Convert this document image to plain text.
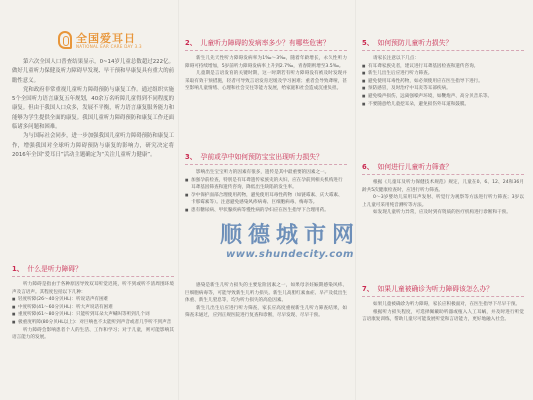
全国爱耳日
NATIONAL EAR CARE DAY 3.3

第六次全国人口普查结果显示，0~14岁儿童总数超过222亿。做好儿童听力保健及听力障碍早发现、早干预和早康复具有重大的前瞻性意义。

党和政府非常重视儿童听力障碍预防与康复工作。通过组织实施5个全国听力语言康复五年规划，40余万名听障儿童得到不同程度的康复。但由于我国人口众多，发展不平衡，听力语言康复服务能力和能够为学生提供全面的康复。我国儿童听力障碍预防和康复工作还面临诸多问题和困难。

为与国际社会同步，进一步加强我国儿童听力障碍预防和康复工作，增强我国对全球听力障碍预防与康复的影响力，研究决定将2016年全国“爱耳日”活动主题确定为“关注儿童听力健康”。

1、 什么是听力障碍？

听力障碍是指由于各种原因导致双耳听觉迟钝，听不到或听不清周围环境声及言语声。其程度包括以下几种：

■ 轻度听障(26～40分贝HL)：听说话声有困难
■ 中度听障(41～60分贝HL)：听大声说话有困难
■ 重度听障(61～80分贝HL)：只能听到耳朵大声喊叫等听到几个词
■ 极重度听障(80分贝HL以上)：对巨响也不太能听到声音或者几乎听不到声音

听力障碍会影响患者个人的生活、工作和学习；对于儿童，则可能影响其语言能力的发展。

2、 儿童听力障碍的发病率多少？有哪些危害？

新生儿先天性听力障碍发病率为1‰～3‰，随着年龄增长，永久性听力障碍可持续增加，5岁前听力障碍发病率上升到2.7‰，青春期则增至3.5‰。

儿童期是言语发育的关键时期，这一时期若有听力障碍没有被及时发现并采取有效干预措施，轻者可导致言语发育迟缓及学习困难；重者会导致聋哑，甚至影响儿童情绪、心理和社会交往等能力发展，给家庭和社会造成沉重负担。

3、 孕前或孕中如何预防宝宝出现听力损失？

影响出生宝宝听力的因素有很多，遗传是其中最重要的因素之一。

■ 加强孕前检查，特别是有耳聋遗传家族史的夫妇，应在孕前到相关机构进行耳聋基因筛查和遗传咨询，降低出生缺陷的发生率。
■ 孕中保护面部合理使用药物，避免使用耳毒性药物（如链霉素、庆大霉素、卡那霉素等）。注意避免感染风疹病毒、巨细胞病毒、梅毒等。
■ 患有糖尿病、甲状腺疾病等慢性病的孕妇应在医生指导下合理用药。

感染是新生儿听力损失的主要危险因素之一，如果母亲妊娠期感染风疹、巨细胞病毒等，可能导致新生儿听力损失。新生儿高胆红素血症、早产及低出生体重、新生儿窒息等，均为听力损失的高危因素。

新生儿出生后应进行听力筛查，家长应高度重视新生儿听力筛查结果，如筛查未通过，应到正规医院进行复查和诊断，尽早发现、尽早干预。

5、 如何预防儿童听力损失？

请家长注意以下几点：

■ 有耳聋家族史者，建议进行耳聋基因检查和遗传咨询。
■ 新生儿出生后应进行听力筛查。
■ 避免使用耳毒性药物，如必须使用应在医生指导下进行。
■ 预防感冒，及时治疗中耳炎等耳部疾病。
■ 避免噪声损伤，远离强噪声环境，如鞭炮声、高分贝音乐等。
■ 不要随意给儿童挖耳朵，避免损伤外耳道和鼓膜。
6、 如何进行儿童听力筛查？

根据《儿童耳及听力保健技术规范》规定，儿童在0、6、12、24和36月龄共5次健康检查时，应进行听力筛查。

0～3岁婴幼儿采用耳声发射、听觉行为观察等方法进行听力筛查；3岁以上儿童可采用纯音测听等方法。

如发现儿童听力异常，应及时到有资质的医疗机构进行诊断和干预。

7、 如果儿童被确诊为听力障碍该怎么办？

如果儿童被确诊为听力障碍，家长应积极面对，在医生指导下尽早干预。

根据听力损失程度，可选择佩戴助听器或植入人工耳蜗，并及时进行听觉言语康复训练，帮助儿童尽可能发展听觉和言语能力，更好地融入社会。

顺德城市网
www.shundecity.com
